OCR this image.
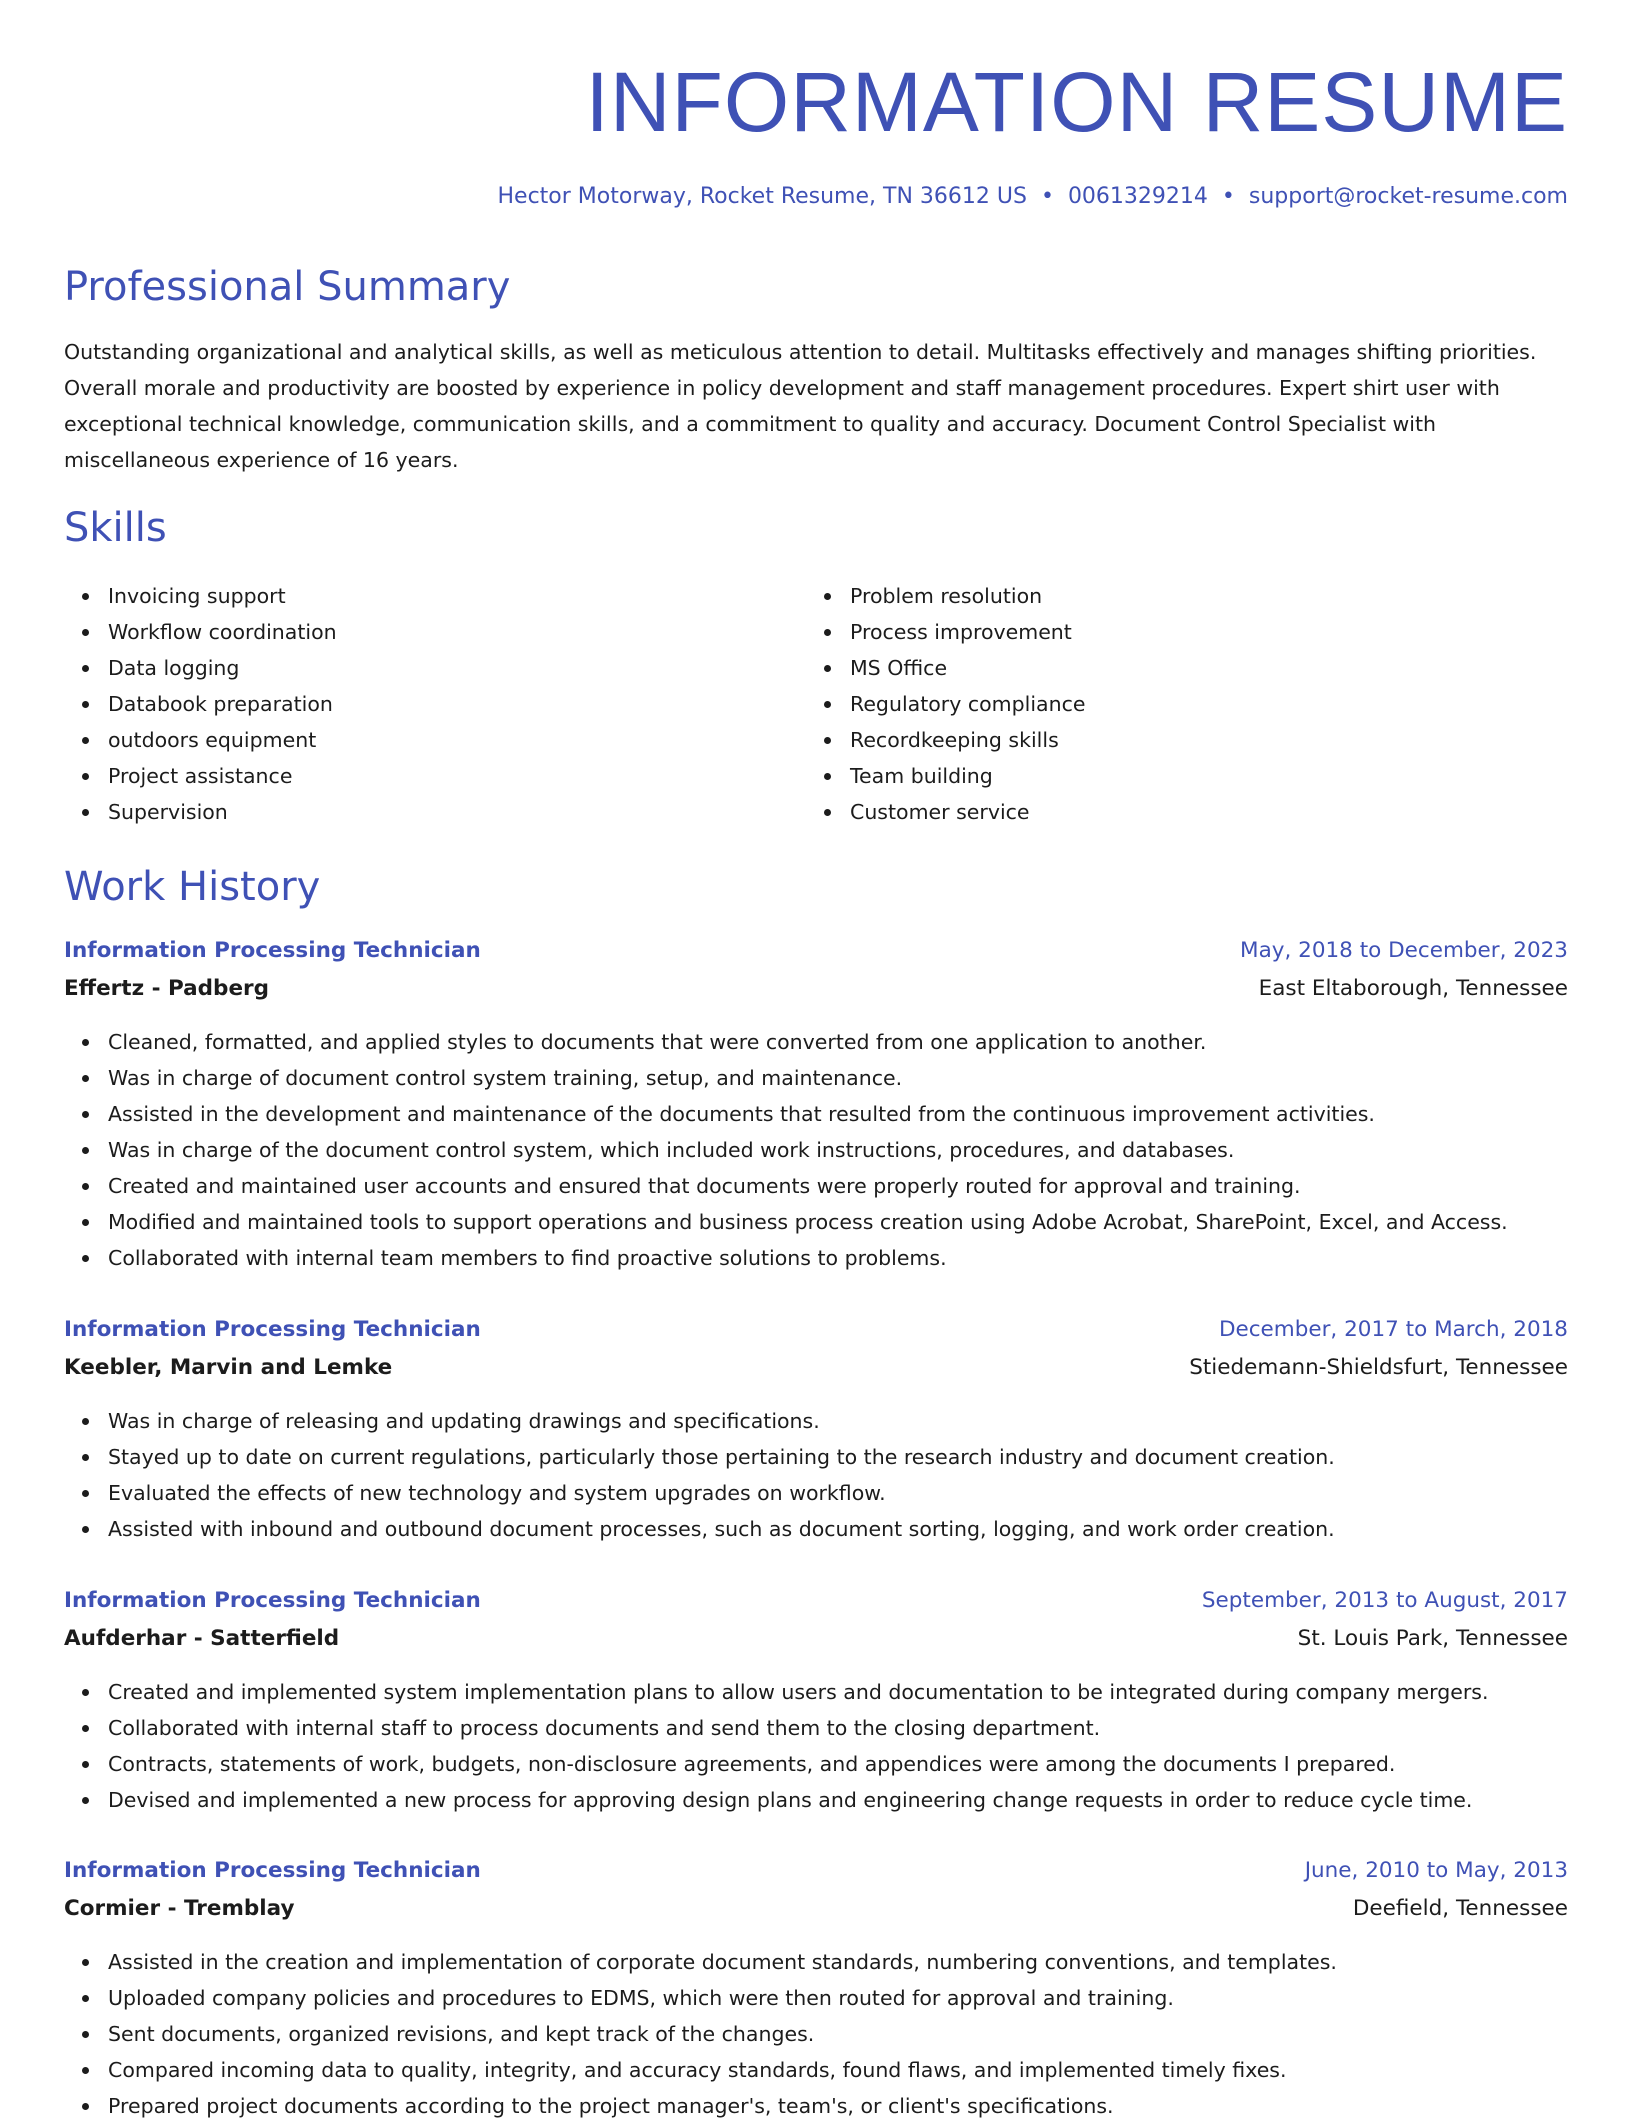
INFORMATION RESUME
Hector Motorway, Rocket Resume, TN 36612 US • 0061329214 • support@rocket-resume.com
Professional Summary

Outstanding organizational and analytical skills, as well as meticulous attention to detail. Multitasks effectively and manages shifting priorities. Overall morale and productivity are boosted by experience in policy development and staff management procedures. Expert shirt user with exceptional technical knowledge, communication skills, and a commitment to quality and accuracy. Document Control Specialist with miscellaneous experience of 16 years.

Skills
Invoicing support
Workflow coordination
Data logging
Databook preparation
outdoors equipment
Project assistance
Supervision
Problem resolution
Process improvement
MS Office
Regulatory compliance
Recordkeeping skills
Team building
Customer service
Work History
Information Processing Technician	May, 2018 to December, 2023
Effertz - Padberg	East Eltaborough, Tennessee
Cleaned, formatted, and applied styles to documents that were converted from one application to another.
Was in charge of document control system training, setup, and maintenance.
Assisted in the development and maintenance of the documents that resulted from the continuous improvement activities.
Was in charge of the document control system, which included work instructions, procedures, and databases.
Created and maintained user accounts and ensured that documents were properly routed for approval and training.
Modified and maintained tools to support operations and business process creation using Adobe Acrobat, SharePoint, Excel, and Access.
Collaborated with internal team members to find proactive solutions to problems.
Information Processing Technician	December, 2017 to March, 2018
Keebler, Marvin and Lemke	Stiedemann-Shieldsfurt, Tennessee
Was in charge of releasing and updating drawings and specifications.
Stayed up to date on current regulations, particularly those pertaining to the research industry and document creation.
Evaluated the effects of new technology and system upgrades on workflow.
Assisted with inbound and outbound document processes, such as document sorting, logging, and work order creation.
Information Processing Technician	September, 2013 to August, 2017
Aufderhar - Satterfield	St. Louis Park, Tennessee
Created and implemented system implementation plans to allow users and documentation to be integrated during company mergers.
Collaborated with internal staff to process documents and send them to the closing department.
Contracts, statements of work, budgets, non-disclosure agreements, and appendices were among the documents I prepared.
Devised and implemented a new process for approving design plans and engineering change requests in order to reduce cycle time.
Information Processing Technician	June, 2010 to May, 2013
Cormier - Tremblay	Deefield, Tennessee
Assisted in the creation and implementation of corporate document standards, numbering conventions, and templates.
Uploaded company policies and procedures to EDMS, which were then routed for approval and training.
Sent documents, organized revisions, and kept track of the changes.
Compared incoming data to quality, integrity, and accuracy standards, found flaws, and implemented timely fixes.
Prepared project documents according to the project manager's, team's, or client's specifications.
